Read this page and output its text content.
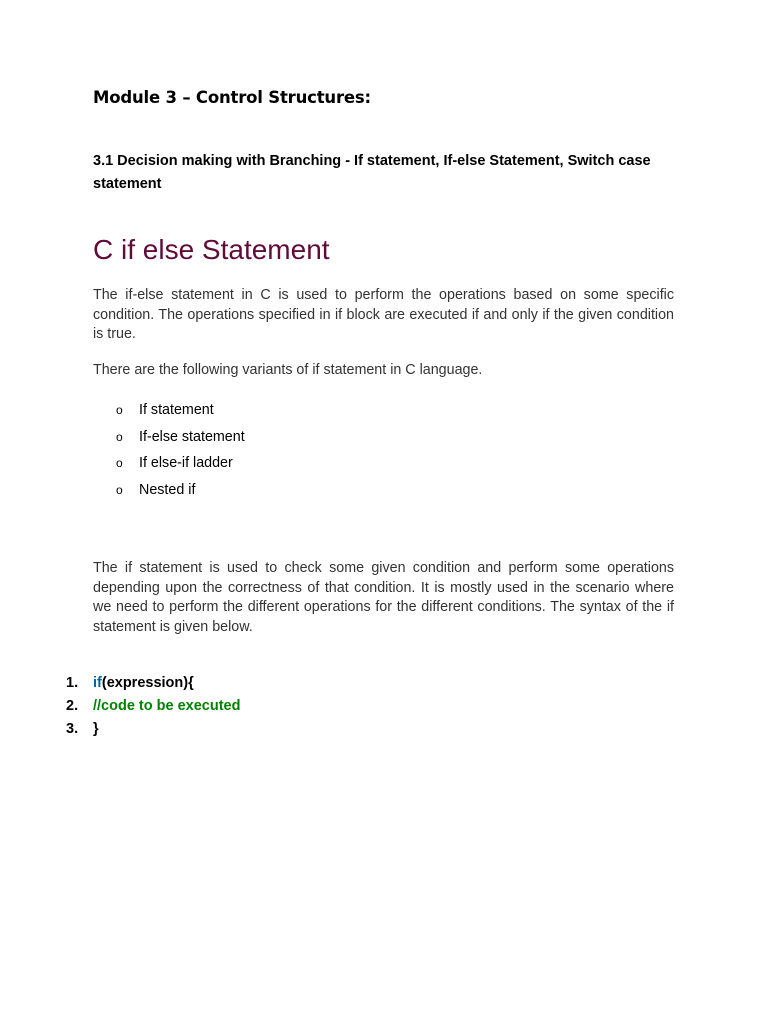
Module 3 – Control Structures:
3.1 Decision making with Branching - If statement, If-else Statement, Switch case statement
C if else Statement

The if-else statement in C is used to perform the operations based on some specific condition. The operations specified in if block are executed if and only if the given condition is true.

There are the following variants of if statement in C language.

o	If statement
o	If-else statement
o	If else-if ladder
o	Nested if

The if statement is used to check some given condition and perform some operations depending upon the correctness of that condition. It is mostly used in the scenario where we need to perform the different operations for the different conditions. The syntax of the if statement is given below.

1.	if (expression){
2.	//code to be executed
3.	}
